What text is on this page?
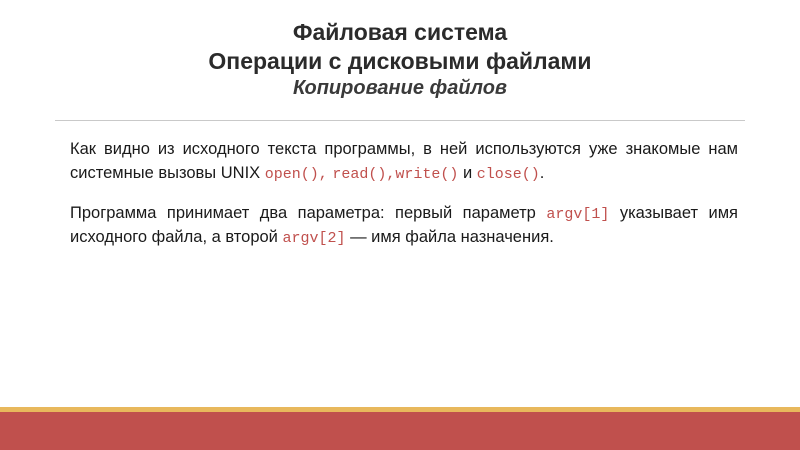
Файловая система
Операции с дисковыми файлами
Копирование файлов

Как видно из исходного текста программы, в ней используются уже знакомые нам системные вызовы UNIX open(), read(),write() и close().

Программа принимает два параметра: первый параметр argv[1] указывает имя исходного файла, а второй argv[2] — имя файла назначения.
